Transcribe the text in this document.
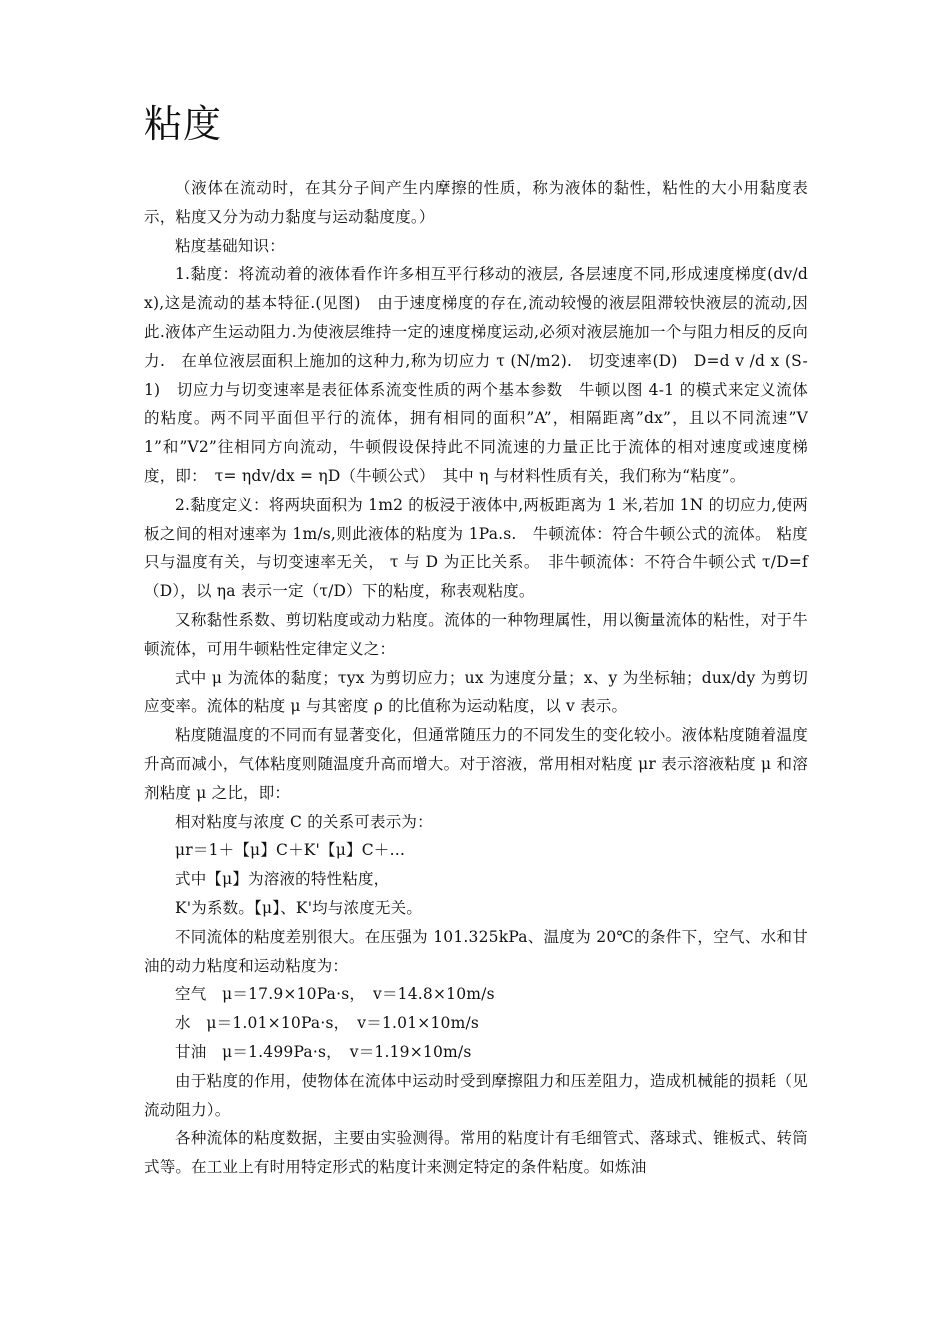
粘度

（液体在流动时，在其分子间产生内摩擦的性质，称为液体的黏性，粘性的大小用黏度表示，粘度又分为动力黏度与运动黏度度。）

粘度基础知识：

1.黏度：将流动着的液体看作许多相互平行移动的液层, 各层速度不同,形成速度梯度(dv/dx),这是流动的基本特征.(见图)　由于速度梯度的存在,流动较慢的液层阻滞较快液层的流动,因此.液体产生运动阻力.为使液层维持一定的速度梯度运动,必须对液层施加一个与阻力相反的反向力.　在单位液层面积上施加的这种力,称为切应力 τ (N/m2).　切变速率(D)　D=d v /d x (S-1)　切应力与切变速率是表征体系流变性质的两个基本参数　牛顿以图 4-1 的模式来定义流体的粘度。两不同平面但平行的流体，拥有相同的面积”A”，相隔距离”dx”，且以不同流速”V1”和”V2”往相同方向流动，牛顿假设保持此不同流速的力量正比于流体的相对速度或速度梯度，即：　τ= ηdv/dx = ηD（牛顿公式）　其中 η 与材料性质有关，我们称为“粘度”。

2.黏度定义：将两块面积为 1m2 的板浸于液体中,两板距离为 1 米,若加 1N 的切应力,使两板之间的相对速率为 1m/s,则此液体的粘度为 1Pa.s.　牛顿流体：符合牛顿公式的流体。 粘度只与温度有关，与切变速率无关， τ 与 D 为正比关系。　非牛顿流体：不符合牛顿公式 τ/D=f（D），以 ηa 表示一定（τ/D）下的粘度，称表观粘度。

又称黏性系数、剪切粘度或动力粘度。流体的一种物理属性，用以衡量流体的粘性，对于牛顿流体，可用牛顿粘性定律定义之：

式中 μ 为流体的黏度；τyx 为剪切应力；ux 为速度分量；x、y 为坐标轴；dux/dy 为剪切应变率。流体的粘度 μ 与其密度 ρ 的比值称为运动粘度，以 v 表示。

粘度随温度的不同而有显著变化，但通常随压力的不同发生的变化较小。液体粘度随着温度升高而减小，气体粘度则随温度升高而增大。对于溶液，常用相对粘度 μr 表示溶液粘度 μ 和溶剂粘度 μ 之比，即：

相对粘度与浓度 C 的关系可表示为：

μr＝1＋【μ】C＋K'【μ】C＋…

式中【μ】为溶液的特性粘度，

K'为系数。【μ】、K'均与浓度无关。

不同流体的粘度差别很大。在压强为 101.325kPa、温度为 20℃的条件下，空气、水和甘油的动力粘度和运动粘度为：

空气　μ＝17.9×10Pa·s，　v＝14.8×10m/s

水　μ＝1.01×10Pa·s，　v＝1.01×10m/s

甘油　μ＝1.499Pa·s，　v＝1.19×10m/s

由于粘度的作用，使物体在流体中运动时受到摩擦阻力和压差阻力，造成机械能的损耗（见流动阻力）。

各种流体的粘度数据，主要由实验测得。常用的粘度计有毛细管式、落球式、锥板式、转筒式等。在工业上有时用特定形式的粘度计来测定特定的条件粘度。如炼油
